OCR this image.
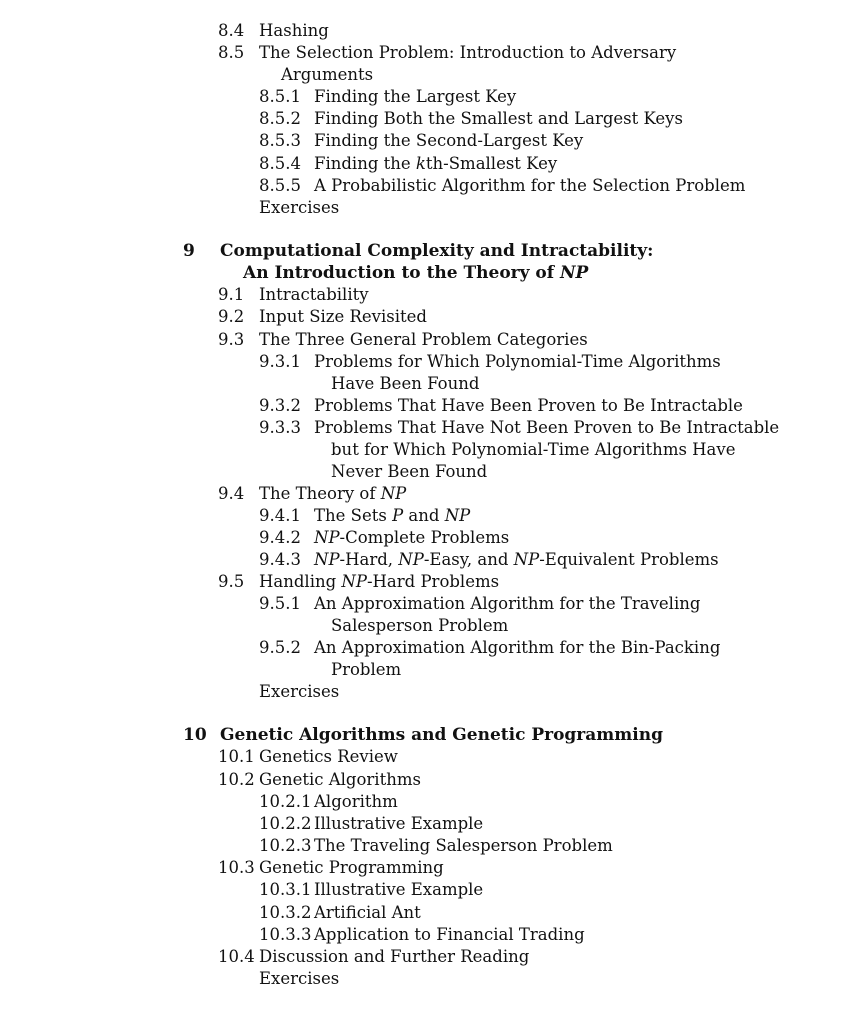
8.4 Hashing
8.5 The Selection Problem: Introduction to Adversary
Arguments
8.5.1 Finding the Largest Key
8.5.2 Finding Both the Smallest and Largest Keys
8.5.3 Finding the Second-Largest Key
8.5.4 Finding the kth-Smallest Key
8.5.5 A Probabilistic Algorithm for the Selection Problem
Exercises
9 Computational Complexity and Intractability:
An Introduction to the Theory of NP
9.1 Intractability
9.2 Input Size Revisited
9.3 The Three General Problem Categories
9.3.1 Problems for Which Polynomial-Time Algorithms
Have Been Found
9.3.2 Problems That Have Been Proven to Be Intractable
9.3.3 Problems That Have Not Been Proven to Be Intractable
but for Which Polynomial-Time Algorithms Have
Never Been Found
9.4 The Theory of NP
9.4.1 The Sets P and NP
9.4.2 NP-Complete Problems
9.4.3 NP-Hard, NP-Easy, and NP-Equivalent Problems
9.5 Handling NP-Hard Problems
9.5.1 An Approximation Algorithm for the Traveling
Salesperson Problem
9.5.2 An Approximation Algorithm for the Bin-Packing
Problem
Exercises
10 Genetic Algorithms and Genetic Programming
10.1 Genetics Review
10.2 Genetic Algorithms
10.2.1 Algorithm
10.2.2 Illustrative Example
10.2.3 The Traveling Salesperson Problem
10.3 Genetic Programming
10.3.1 Illustrative Example
10.3.2 Artificial Ant
10.3.3 Application to Financial Trading
10.4 Discussion and Further Reading
Exercises
